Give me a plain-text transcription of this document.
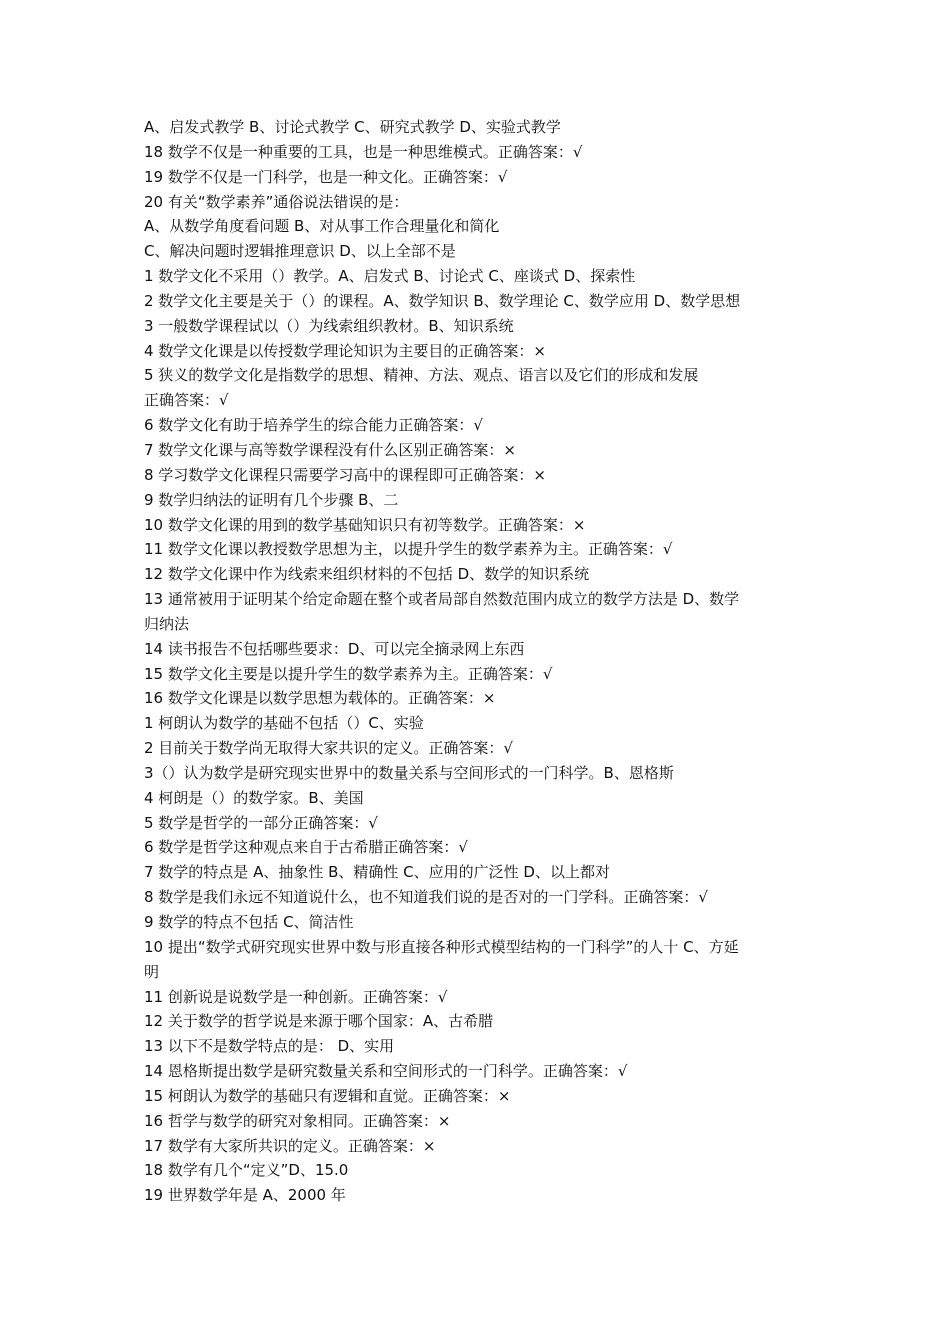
A、启发式教学 B、讨论式教学 C、研究式教学 D、实验式教学

18 数学不仅是一种重要的工具，也是一种思维模式。正确答案：√

19 数学不仅是一门科学，也是一种文化。正确答案：√

20 有关“数学素养”通俗说法错误的是：

A、从数学角度看问题 B、对从事工作合理量化和简化

C、解决问题时逻辑推理意识 D、以上全部不是

1 数学文化不采用（）教学。A、启发式 B、讨论式 C、座谈式 D、探索性

2 数学文化主要是关于（）的课程。A、数学知识 B、数学理论 C、数学应用 D、数学思想

3 一般数学课程试以（）为线索组织教材。B、知识系统

4 数学文化课是以传授数学理论知识为主要目的正确答案：×

5 狭义的数学文化是指数学的思想、精神、方法、观点、语言以及它们的形成和发展

正确答案：√

6 数学文化有助于培养学生的综合能力正确答案：√

7 数学文化课与高等数学课程没有什么区别正确答案：×

8 学习数学文化课程只需要学习高中的课程即可正确答案：×

9 数学归纳法的证明有几个步骤 B、二

10 数学文化课的用到的数学基础知识只有初等数学。正确答案：×

11 数学文化课以教授数学思想为主，以提升学生的数学素养为主。正确答案：√

12 数学文化课中作为线索来组织材料的不包括 D、数学的知识系统

13 通常被用于证明某个给定命题在整个或者局部自然数范围内成立的数学方法是 D、数学

归纳法

14 读书报告不包括哪些要求：D、可以完全摘录网上东西

15 数学文化主要是以提升学生的数学素养为主。正确答案：√

16 数学文化课是以数学思想为载体的。正确答案：×

1 柯朗认为数学的基础不包括（）C、实验

2 目前关于数学尚无取得大家共识的定义。正确答案：√

3（）认为数学是研究现实世界中的数量关系与空间形式的一门科学。B、恩格斯

4 柯朗是（）的数学家。B、美国

5 数学是哲学的一部分正确答案：√

6 数学是哲学这种观点来自于古希腊正确答案：√

7 数学的特点是 A、抽象性 B、精确性 C、应用的广泛性 D、以上都对

8 数学是我们永远不知道说什么，也不知道我们说的是否对的一门学科。正确答案：√

9 数学的特点不包括 C、简洁性

10 提出“数学式研究现实世界中数与形直接各种形式模型结构的一门科学”的人十 C、方延

明

11 创新说是说数学是一种创新。正确答案：√

12 关于数学的哲学说是来源于哪个国家：A、古希腊

13 以下不是数学特点的是： D、实用

14 恩格斯提出数学是研究数量关系和空间形式的一门科学。正确答案：√

15 柯朗认为数学的基础只有逻辑和直觉。正确答案：×

16 哲学与数学的研究对象相同。正确答案：×

17 数学有大家所共识的定义。正确答案：×

18 数学有几个“定义”D、15.0

19 世界数学年是 A、2000 年
